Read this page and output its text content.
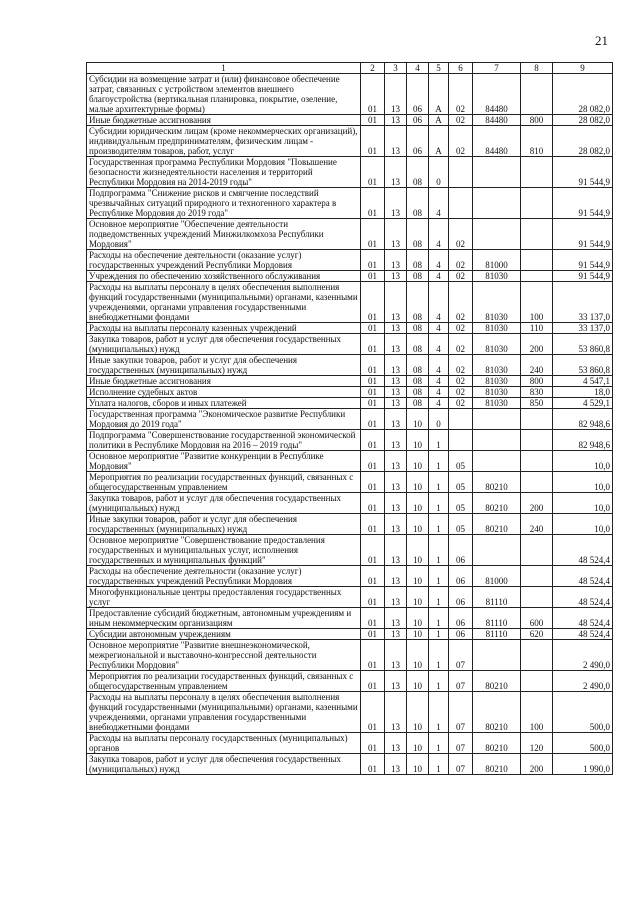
21
1	2	3	4	5	6	7	8	9
Субсидии на возмещение затрат и (или) финансовое обеспечение затрат, связанных с устройством элементов внешнего благоустройства (вертикальная планировка, покрытие, озеление, малые архитектурные формы)	01	13	06	А	02	84480		28 082,0
Иные бюджетные ассигнования	01	13	06	А	02	84480	800	28 082,0
Субсидии юридическим лицам (кроме некоммерческих организаций), индивидуальным предпринимателям, физическим лицам - производителям товаров, работ, услуг	01	13	06	А	02	84480	810	28 082,0
Государственная программа Республики Мордовия "Повышение безопасности жизнедеятельности населения и территорий Республики Мордовия на 2014-2019 годы"	01	13	08	0				91 544,9
Подпрограмма "Снижение рисков и смягчение последствий чрезвычайных ситуаций природного и техногенного характера в Республике Мордовия до 2019 года"	01	13	08	4				91 544,9
Основное мероприятие "Обеспечение деятельности подведомственных учреждений Минжилкомхоза Республики Мордовия"	01	13	08	4	02			91 544,9
Расходы на обеспечение деятельности (оказание услуг) государственных учреждений Республики Мордовия	01	13	08	4	02	81000		91 544,9
Учреждения по обеспечению хозяйственного обслуживания	01	13	08	4	02	81030		91 544,9
Расходы на выплаты персоналу в целях обеспечения выполнения функций государственными (муниципальными) органами, казенными учреждениями, органами управления государственными внебюджетными фондами	01	13	08	4	02	81030	100	33 137,0
Расходы на выплаты персоналу казенных учреждений	01	13	08	4	02	81030	110	33 137,0
Закупка товаров, работ и услуг для обеспечения государственных (муниципальных) нужд	01	13	08	4	02	81030	200	53 860,8
Иные закупки товаров, работ и услуг для обеспечения государственных (муниципальных) нужд	01	13	08	4	02	81030	240	53 860,8
Иные бюджетные ассигнования	01	13	08	4	02	81030	800	4 547,1
Исполнение судебных актов	01	13	08	4	02	81030	830	18,0
Уплата налогов, сборов и иных платежей	01	13	08	4	02	81030	850	4 529,1
Государственная программа "Экономическое развитие Республики Мордовия до 2019 года"	01	13	10	0				82 948,6
Подпрограмма "Совершенствование государственной экономической политики в Республике Мордовия на 2016 – 2019 годы"	01	13	10	1				82 948,6
Основное мероприятие "Развитие конкуренции в Республике Мордовия"	01	13	10	1	05			10,0
Мероприятия по реализации государственных функций, связанных с общегосударственным управлением	01	13	10	1	05	80210		10,0
Закупка товаров, работ и услуг для обеспечения государственных (муниципальных) нужд	01	13	10	1	05	80210	200	10,0
Иные закупки товаров, работ и услуг для обеспечения государственных (муниципальных) нужд	01	13	10	1	05	80210	240	10,0
Основное мероприятие "Совершенствование предоставления государственных и муниципальных услуг, исполнения государственных и муниципальных функций"	01	13	10	1	06			48 524,4
Расходы на обеспечение деятельности (оказание услуг) государственных учреждений Республики Мордовия	01	13	10	1	06	81000		48 524,4
Многофункциональные центры предоставления государственных услуг	01	13	10	1	06	81110		48 524,4
Предоставление субсидий бюджетным, автономным учреждениям и иным некоммерческим организациям	01	13	10	1	06	81110	600	48 524,4
Субсидии автономным учреждениям	01	13	10	1	06	81110	620	48 524,4
Основное мероприятие "Развитие внешнеэкономической, межрегиональной и выставочно-конгрессной деятельности Республики Мордовия"	01	13	10	1	07			2 490,0
Мероприятия по реализации государственных функций, связанных с общегосударственным управлением	01	13	10	1	07	80210		2 490,0
Расходы на выплаты персоналу в целях обеспечения выполнения функций государственными (муниципальными) органами, казенными учреждениями, органами управления государственными внебюджетными фондами	01	13	10	1	07	80210	100	500,0
Расходы на выплаты персоналу государственных (муниципальных) органов	01	13	10	1	07	80210	120	500,0
Закупка товаров, работ и услуг для обеспечения государственных (муниципальных) нужд	01	13	10	1	07	80210	200	1 990,0
